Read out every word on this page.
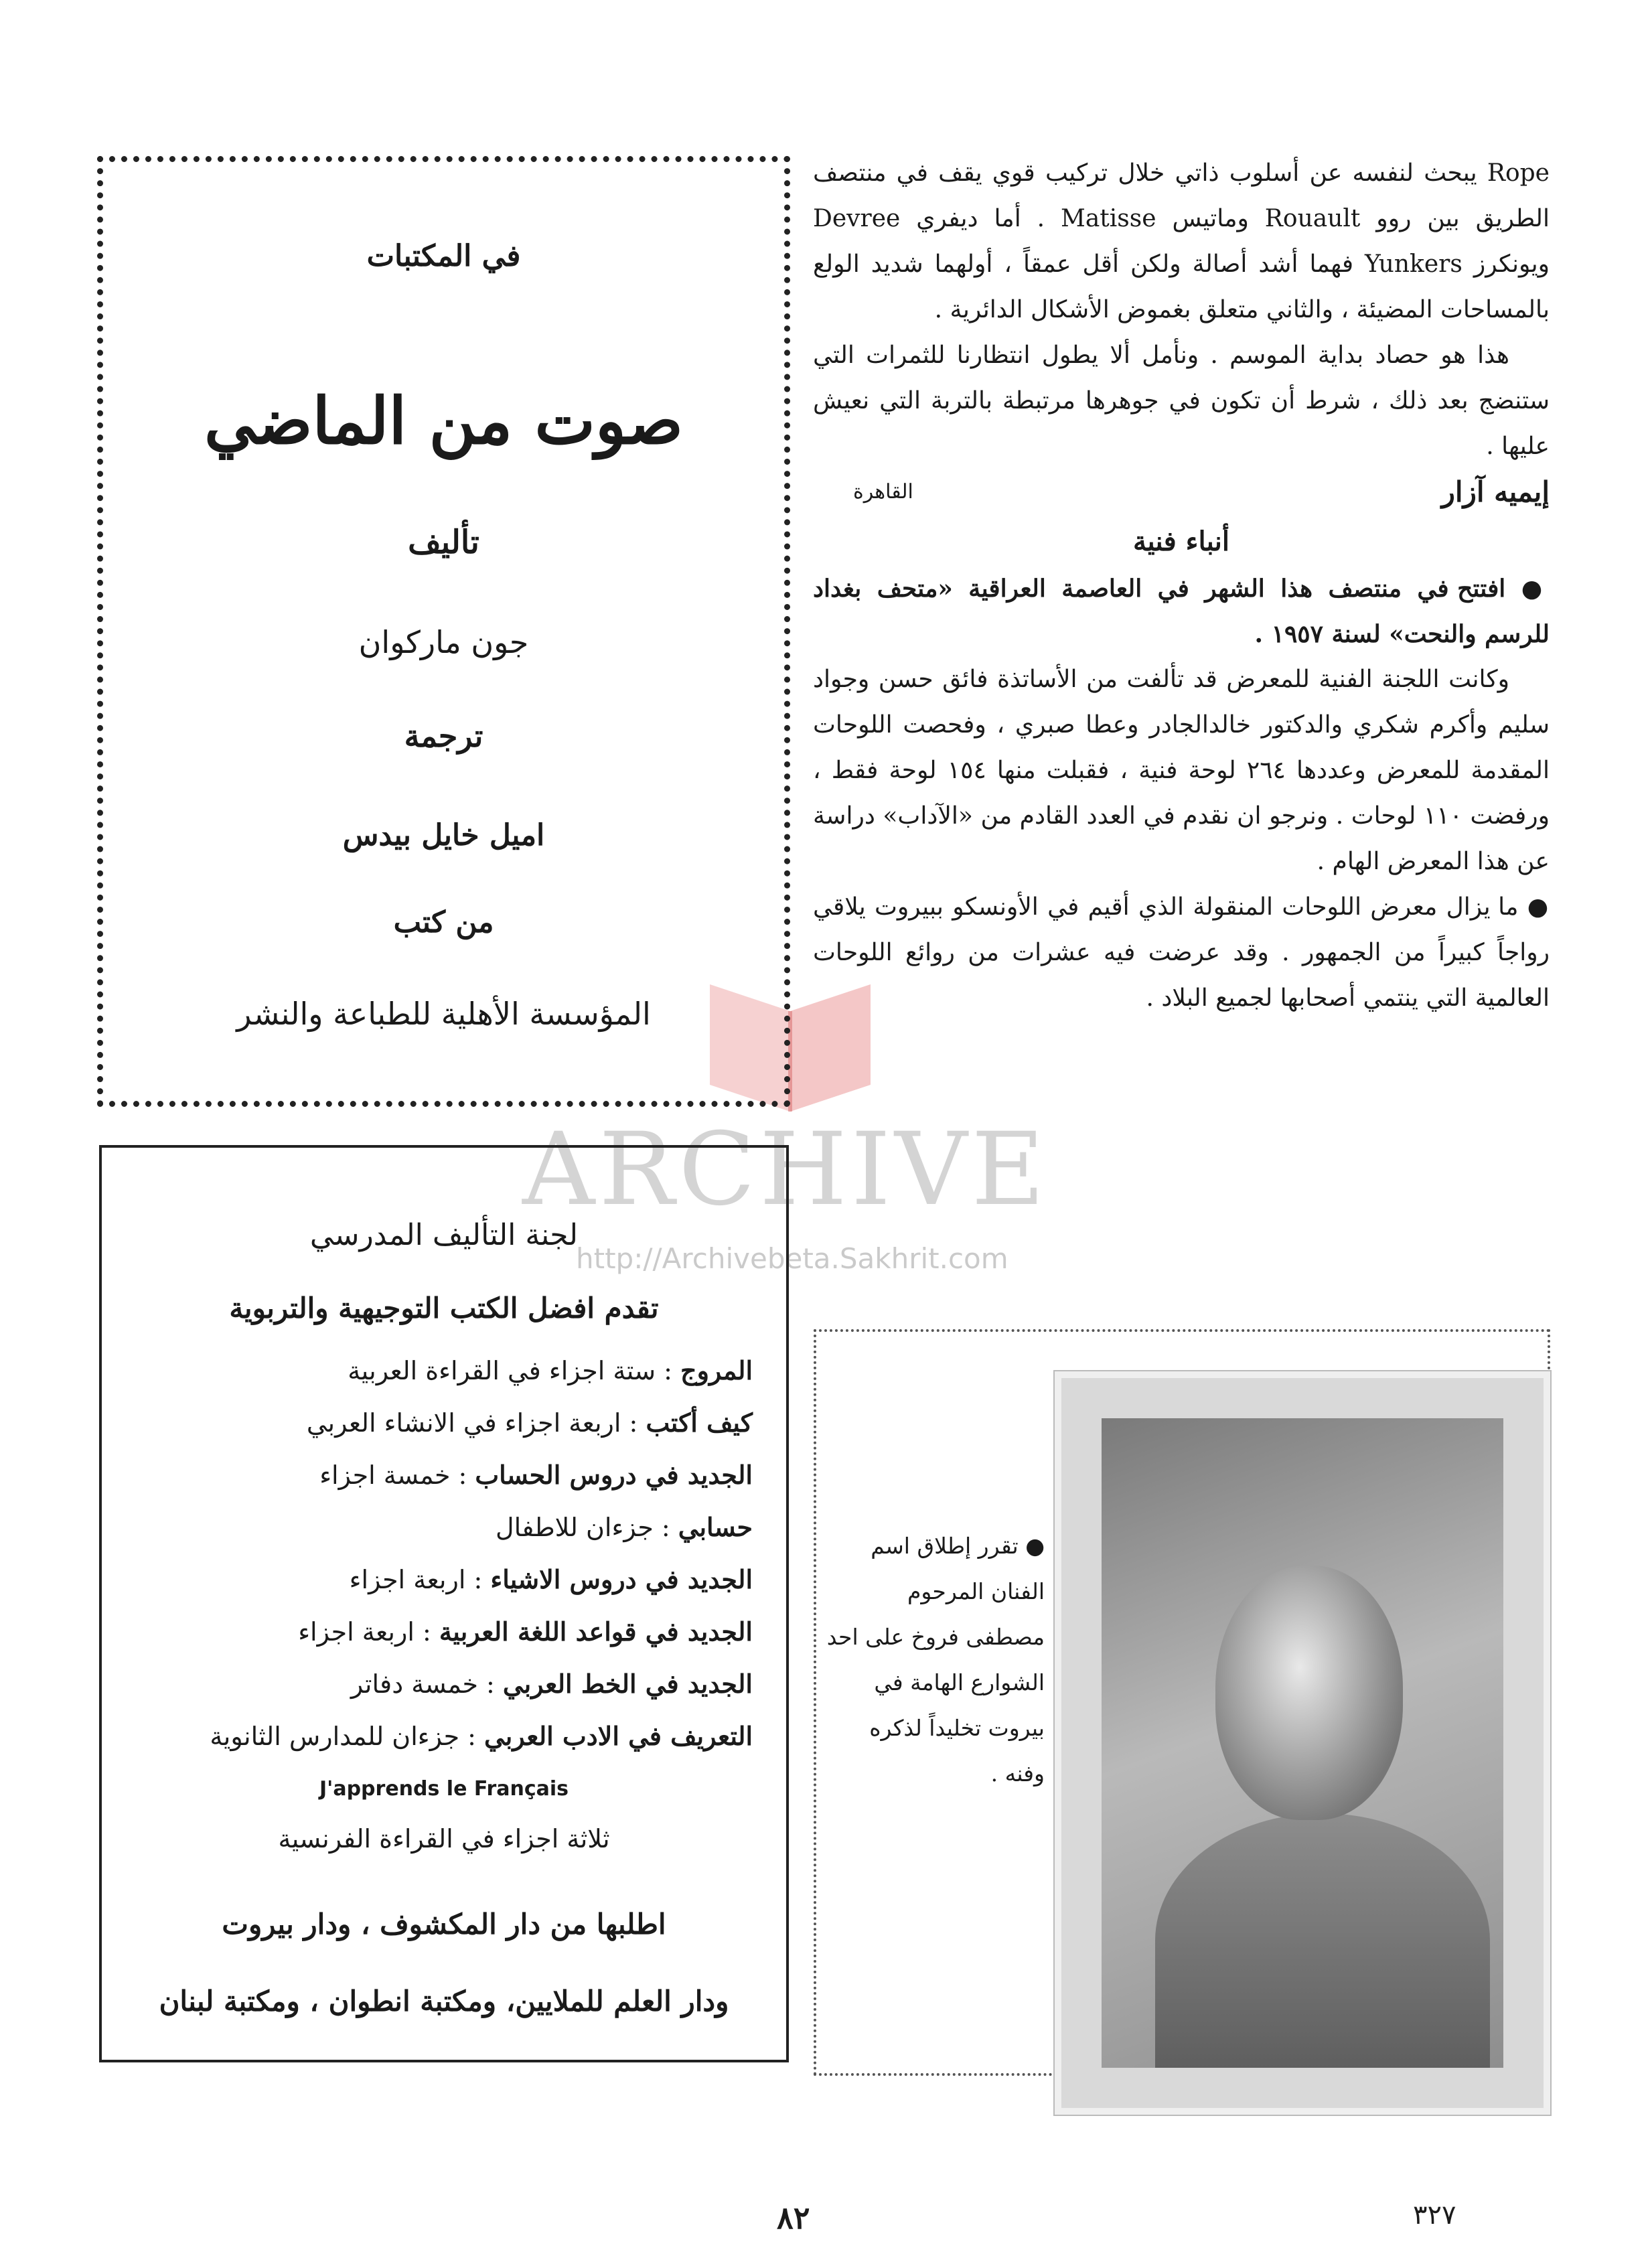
ARCHIVE
http://Archivebeta.Sakhrit.com

Rope يبحث لنفسه عن أسلوب ذاتي خلال تركيب قوي يقف في منتصف الطريق بين روو Rouault وماتيس Matisse . أما ديفري Devree ويونكرز Yunkers فهما أشد أصالة ولكن أقل عمقاً ، أولهما شديد الولع بالمساحات المضيئة ، والثاني متعلق بغموض الأشكال الدائرية .

هذا هو حصاد بداية الموسم . ونأمل ألا يطول انتظارنا للثمرات التي ستنضج بعد ذلك ، شرط أن تكون في جوهرها مرتبطة بالتربة التي نعيش عليها .

إيميه آزار
القاهرة
أنباء فنية

● افتتح في منتصف هذا الشهر في العاصمة العراقية «متحف بغداد للرسم والنحت» لسنة ١٩٥٧ .

وكانت اللجنة الفنية للمعرض قد تألفت من الأساتذة فائق حسن وجواد سليم وأكرم شكري والدكتور خالدالجادر وعطا صبري ، وفحصت اللوحات المقدمة للمعرض وعددها ٢٦٤ لوحة فنية ، فقبلت منها ١٥٤ لوحة فقط ، ورفضت ١١٠ لوحات . ونرجو ان نقدم في العدد القادم من «الآداب» دراسة عن هذا المعرض الهام .

● ما يزال معرض اللوحات المنقولة الذي أقيم في الأونسكو ببيروت يلاقي رواجاً كبيراً من الجمهور . وقد عرضت فيه عشرات من روائع اللوحات العالمية التي ينتمي أصحابها لجميع البلاد .

● تقرر إطلاق اسم الفنان المرحوم مصطفى فروخ على احد الشوارع الهامة في بيروت تخليداً لذكره وفنه .
في المكتبات
صوت من الماضي
تأليف
جون ماركوان
ترجمة
اميل خايل بيدس
من كتب
المؤسسة الأهلية للطباعة والنشر
لجنة التأليف المدرسي
تقدم افضل الكتب التوجيهية والتربوية
المروج : ستة اجزاء في القراءة العربية
كيف أكتب : اربعة اجزاء في الانشاء العربي
الجديد في دروس الحساب : خمسة اجزاء
حسابي : جزءان للاطفال
الجديد في دروس الاشياء : اربعة اجزاء
الجديد في قواعد اللغة العربية : اربعة اجزاء
الجديد في الخط العربي : خمسة دفاتر
التعريف في الادب العربي : جزءان للمدارس الثانوية
J'apprends le Français
ثلاثة اجزاء في القراءة الفرنسية
اطلبها من دار المكشوف ، ودار بيروت
ودار العلم للملايين، ومكتبة انطوان ، ومكتبة لبنان
٨٢	٣٢٧
